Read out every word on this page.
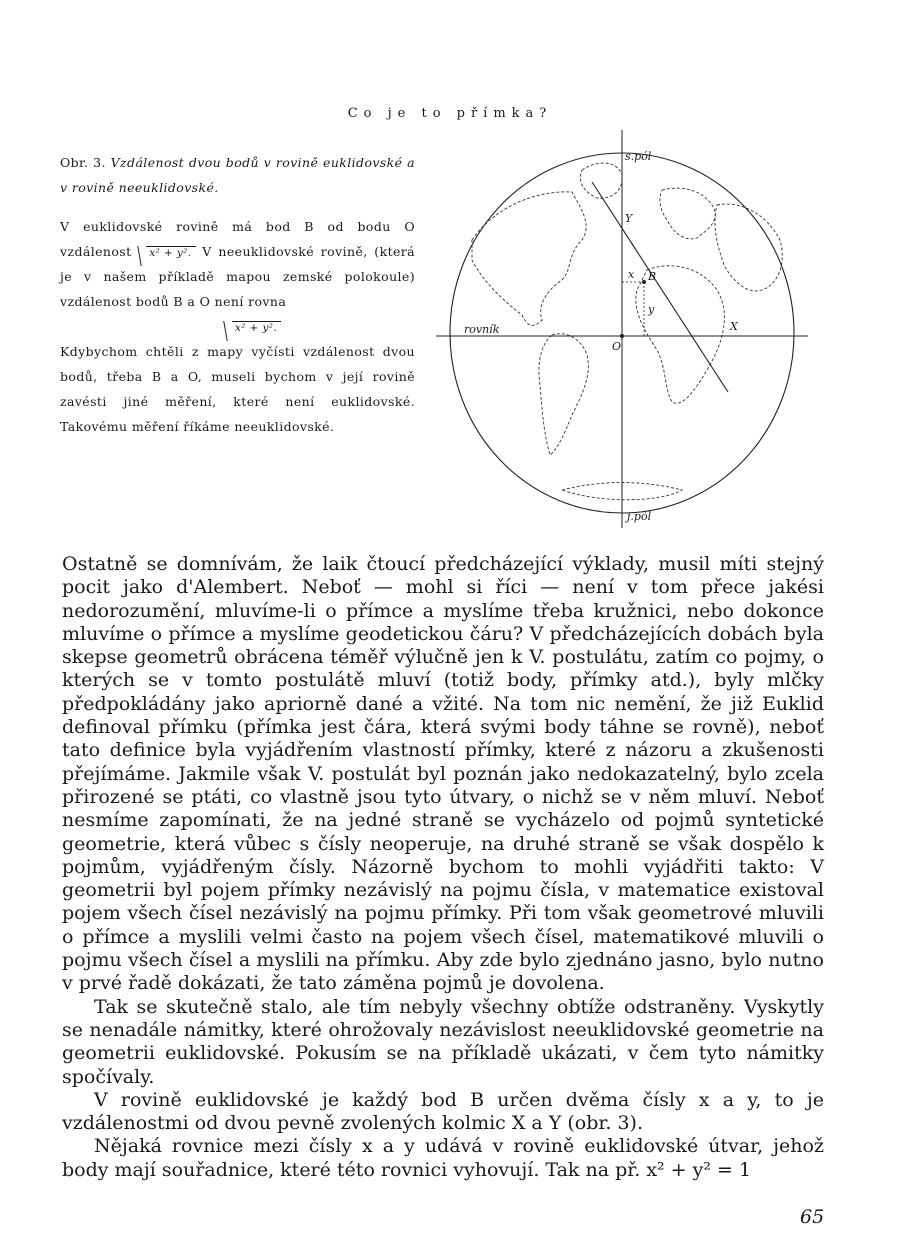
Co je to přímka?

Obr. 3. Vzdálenost dvou bodů v rovině euklidovské a v rovině neeuklidovské.

V euklidovské rovině má bod B od bodu O vzdálenost x² + y². V neeuklidovské rovině, (která je v našem příkladě mapou zemské polokoule) vzdálenost bodů B a O není rovna

x² + y².

Kdybychom chtěli z mapy vyčísti vzdálenost dvou bodů, třeba B a O, museli bychom v její rovině zavésti jiné měření, které není euklidovské. Takovému měření říkáme neeuklidovské.

s.pól
j.pól
Y
X
B
x
y
O
rovník

Ostatně se domnívám, že laik čtoucí předcházející výklady, musil míti stejný pocit jako d'Alembert. Neboť — mohl si říci — není v tom přece jakési nedorozumění, mluvíme-li o přímce a myslíme třeba kružnici, nebo dokonce mluvíme o přímce a myslíme geodetickou čáru? V předcházejících dobách byla skepse geometrů obrácena téměř výlučně jen k V. postulátu, zatím co pojmy, o kterých se v tomto postulátě mluví (totiž body, přímky atd.), byly mlčky předpokládány jako apriorně dané a vžité. Na tom nic nemění, že již Euklid definoval přímku (přímka jest čára, která svými body táhne se rovně), neboť tato definice byla vyjádřením vlastností přímky, které z názoru a zkušenosti přejímáme. Jakmile však V. postulát byl poznán jako nedokazatelný, bylo zcela přirozené se ptáti, co vlastně jsou tyto útvary, o nichž se v něm mluví. Neboť nesmíme zapomínati, že na jedné straně se vycházelo od pojmů syntetické geometrie, která vůbec s čísly neoperuje, na druhé straně se však dospělo k pojmům, vyjádřeným čísly. Názorně bychom to mohli vyjádřiti takto: V geometrii byl pojem přímky nezávislý na pojmu čísla, v matematice existoval pojem všech čísel nezávislý na pojmu přímky. Při tom však geometrové mluvili o přímce a myslili velmi často na pojem všech čísel, matematikové mluvili o pojmu všech čísel a myslili na přímku. Aby zde bylo zjednáno jasno, bylo nutno v prvé řadě dokázati, že tato záměna pojmů je dovolena.

Tak se skutečně stalo, ale tím nebyly všechny obtíže odstraněny. Vyskytly se nenadále námitky, které ohrožovaly nezávislost neeuklidovské geometrie na geometrii euklidovské. Pokusím se na příkladě ukázati, v čem tyto námitky spočívaly.

V rovině euklidovské je každý bod B určen dvěma čísly x a y, to je vzdálenostmi od dvou pevně zvolených kolmic X a Y (obr. 3).

Nějaká rovnice mezi čísly x a y udává v rovině euklidovské útvar, jehož body mají souřadnice, které této rovnici vyhovují. Tak na př. x² + y² = 1

65
